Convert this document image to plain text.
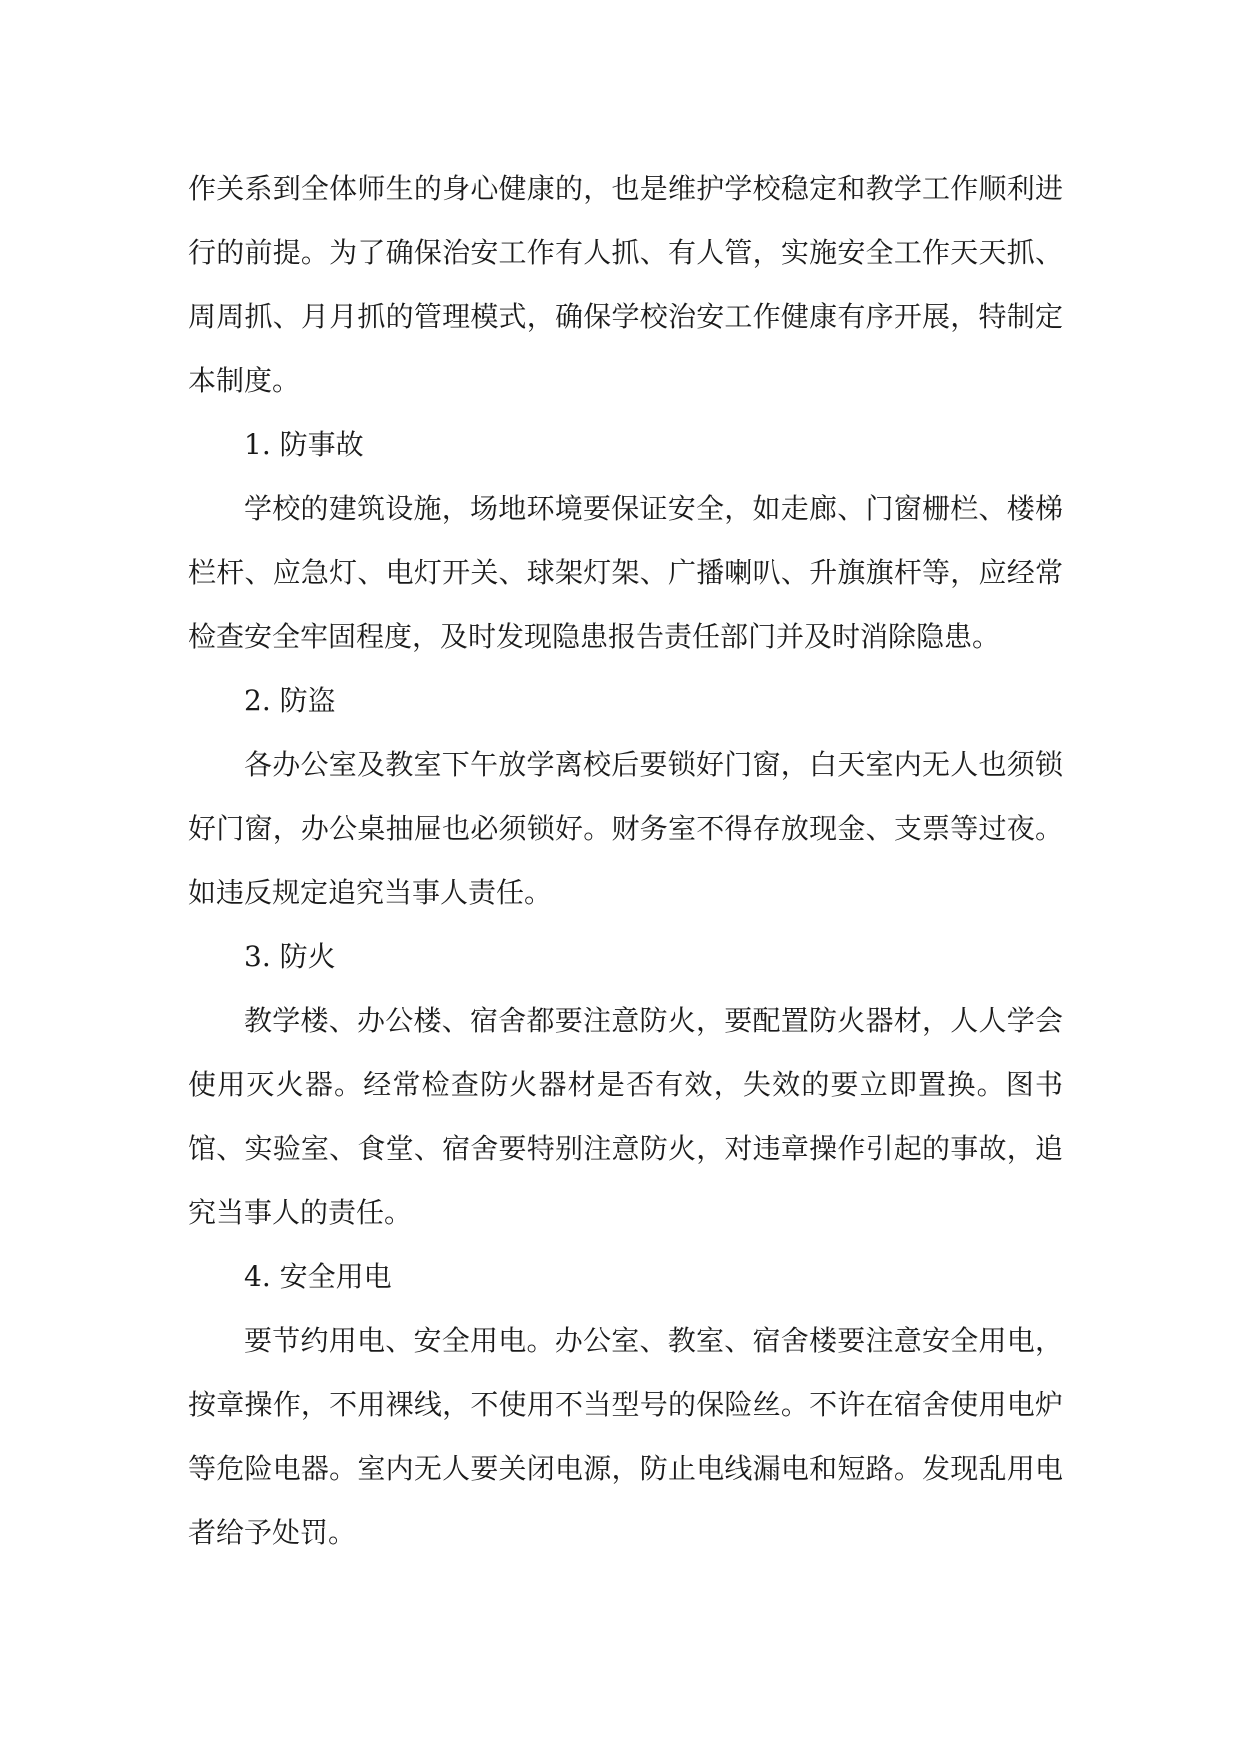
作关系到全体师生的身心健康的，也是维护学校稳定和教学工作顺利进行的前提。为了确保治安工作有人抓、有人管，实施安全工作天天抓、周周抓、月月抓的管理模式，确保学校治安工作健康有序开展，特制定本制度。

1. 防事故

学校的建筑设施，场地环境要保证安全，如走廊、门窗栅栏、楼梯栏杆、应急灯、电灯开关、球架灯架、广播喇叭、升旗旗杆等，应经常检查安全牢固程度，及时发现隐患报告责任部门并及时消除隐患。

2. 防盗

各办公室及教室下午放学离校后要锁好门窗，白天室内无人也须锁好门窗，办公桌抽屉也必须锁好。财务室不得存放现金、支票等过夜。如违反规定追究当事人责任。

3. 防火

教学楼、办公楼、宿舍都要注意防火，要配置防火器材，人人学会使用灭火器。经常检查防火器材是否有效，失效的要立即置换。图书馆、实验室、食堂、宿舍要特别注意防火，对违章操作引起的事故，追究当事人的责任。

4. 安全用电

要节约用电、安全用电。办公室、教室、宿舍楼要注意安全用电，按章操作，不用裸线，不使用不当型号的保险丝。不许在宿舍使用电炉等危险电器。室内无人要关闭电源，防止电线漏电和短路。发现乱用电者给予处罚。
